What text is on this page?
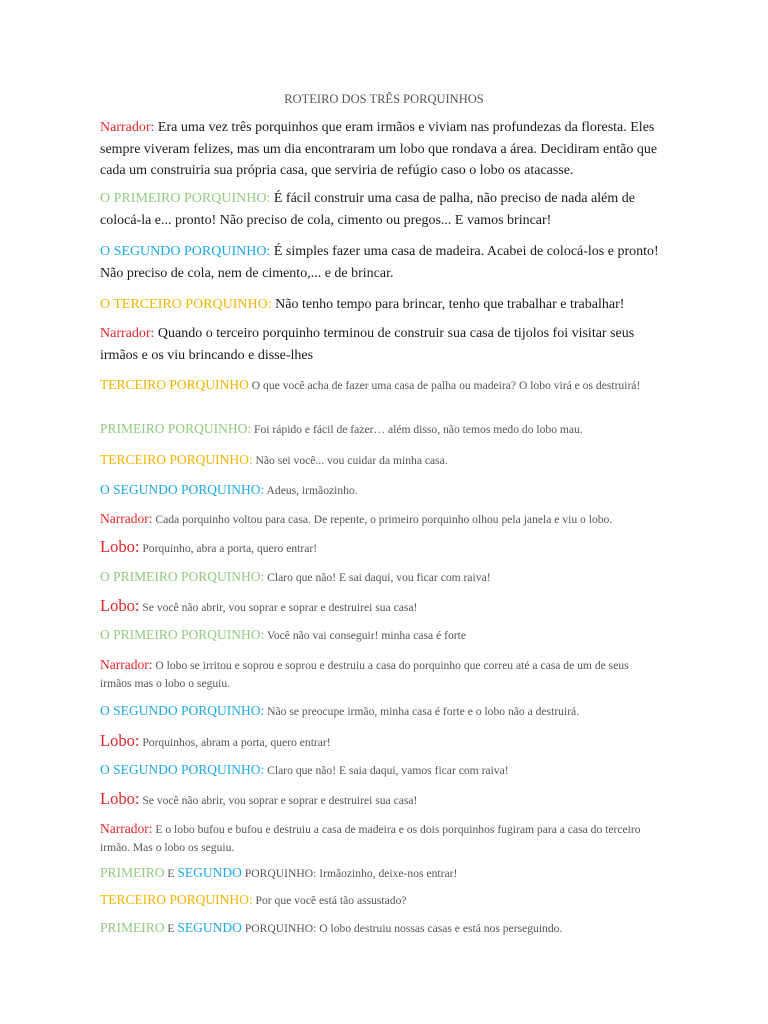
ROTEIRO DOS TRÊS PORQUINHOS
Narrador: Era uma vez três porquinhos que eram irmãos e viviam nas profundezas da floresta. Eles sempre viveram felizes, mas um dia encontraram um lobo que rondava a área. Decidiram então que cada um construiria sua própria casa, que serviria de refúgio caso o lobo os atacasse.
O PRIMEIRO PORQUINHO: É fácil construir uma casa de palha, não preciso de nada além de colocá-la e... pronto! Não preciso de cola, cimento ou pregos... E vamos brincar!
O SEGUNDO PORQUINHO: É simples fazer uma casa de madeira. Acabei de colocá-los e pronto! Não preciso de cola, nem de cimento,... e de brincar.
O TERCEIRO PORQUINHO: Não tenho tempo para brincar, tenho que trabalhar e trabalhar!
Narrador: Quando o terceiro porquinho terminou de construir sua casa de tijolos foi visitar seus irmãos e os viu brincando e disse-lhes
TERCEIRO PORQUINHO O que você acha de fazer uma casa de palha ou madeira? O lobo virá e os destruirá!
PRIMEIRO PORQUINHO: Foi rápido e fácil de fazer… além disso, não temos medo do lobo mau.
TERCEIRO PORQUINHO: Não sei você... vou cuidar da minha casa.
O SEGUNDO PORQUINHO: Adeus, irmãozinho.
Narrador: Cada porquinho voltou para casa. De repente, o primeiro porquinho olhou pela janela e viu o lobo.
Lobo: Porquinho, abra a porta, quero entrar!
O PRIMEIRO PORQUINHO: Claro que não! E sai daqui, vou ficar com raiva!
Lobo: Se você não abrir, vou soprar e soprar e destruirei sua casa!
O PRIMEIRO PORQUINHO: Você não vai conseguir! minha casa é forte
Narrador: O lobo se irritou e soprou e soprou e destruiu a casa do porquinho que correu até a casa de um de seus irmãos mas o lobo o seguiu.
O SEGUNDO PORQUINHO: Não se preocupe irmão, minha casa é forte e o lobo não a destruirá.
Lobo: Porquinhos, abram a porta, quero entrar!
O SEGUNDO PORQUINHO: Claro que não! E saia daqui, vamos ficar com raiva!
Lobo: Se você não abrir, vou soprar e soprar e destruirei sua casa!
Narrador: E o lobo bufou e bufou e destruiu a casa de madeira e os dois porquinhos fugiram para a casa do terceiro irmão. Mas o lobo os seguiu.
PRIMEIRO E SEGUNDO PORQUINHO: Irmãozinho, deixe-nos entrar!
TERCEIRO PORQUINHO: Por que você está tão assustado?
PRIMEIRO E SEGUNDO PORQUINHO: O lobo destruiu nossas casas e está nos perseguindo.
